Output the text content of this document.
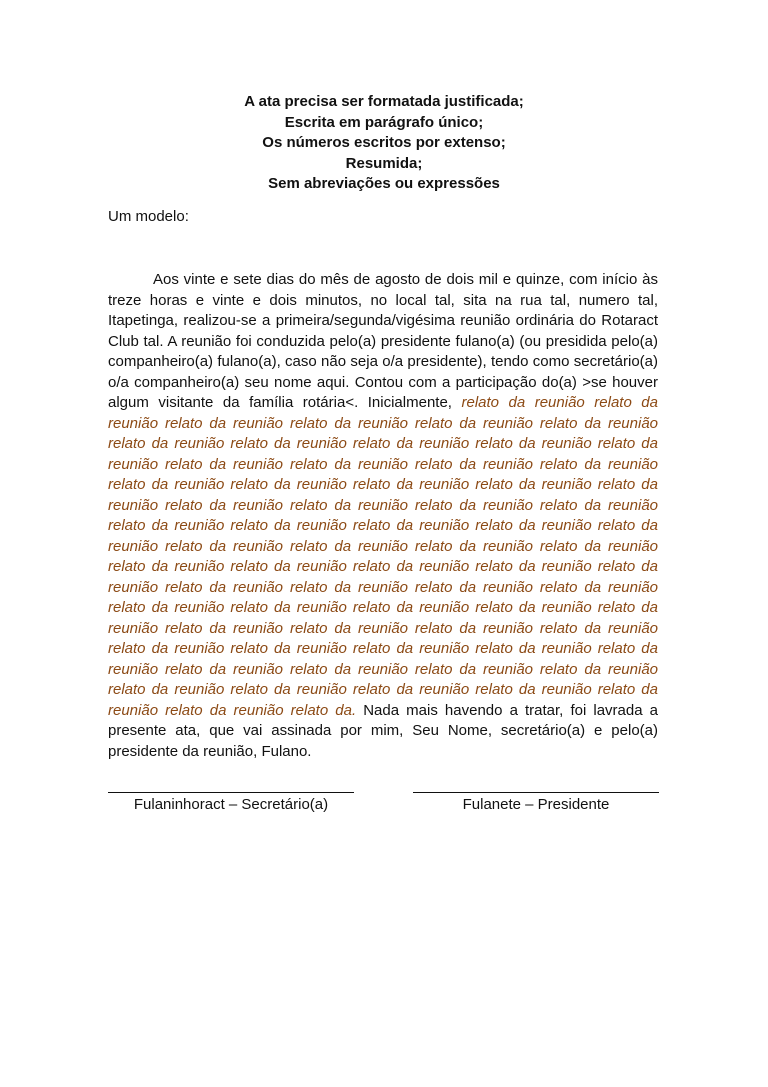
A ata precisa ser formatada justificada;
Escrita em parágrafo único;
Os números escritos por extenso;
Resumida;
Sem abreviações ou expressões
Um modelo:

Aos vinte e sete dias do mês de agosto de dois mil e quinze, com início às treze horas e vinte e dois minutos, no local tal, sita na rua tal, numero tal, Itapetinga, realizou-se a primeira/segunda/vigésima reunião ordinária do Rotaract Club tal. A reunião foi conduzida pelo(a) presidente fulano(a) (ou presidida pelo(a) companheiro(a) fulano(a), caso não seja o/a presidente), tendo como secretário(a) o/a companheiro(a) seu nome aqui. Contou com a participação do(a) >se houver algum visitante da família rotária<. Inicialmente, relato da reunião relato da reunião relato da reunião relato da reunião relato da reunião relato da reunião relato da reunião relato da reunião relato da reunião relato da reunião relato da reunião relato da reunião relato da reunião relato da reunião relato da reunião relato da reunião relato da reunião relato da reunião relato da reunião relato da reunião relato da reunião relato da reunião relato da reunião relato da reunião relato da reunião relato da reunião relato da reunião relato da reunião relato da reunião relato da reunião relato da reunião relato da reunião relato da reunião relato da reunião relato da reunião relato da reunião relato da reunião relato da reunião relato da reunião relato da reunião relato da reunião relato da reunião relato da reunião relato da reunião relato da reunião relato da reunião relato da reunião relato da reunião relato da reunião relato da reunião relato da reunião relato da reunião relato da reunião relato da reunião relato da reunião relato da reunião relato da reunião relato da reunião relato da reunião relato da reunião relato da reunião relato da reunião relato da reunião relato da reunião relato da reunião relato da reunião relato da. Nada mais havendo a tratar, foi lavrada a presente ata, que vai assinada por mim, Seu Nome, secretário(a) e pelo(a) presidente da reunião, Fulano.

Fulaninhoract – Secretário(a)	Fulanete – Presidente
